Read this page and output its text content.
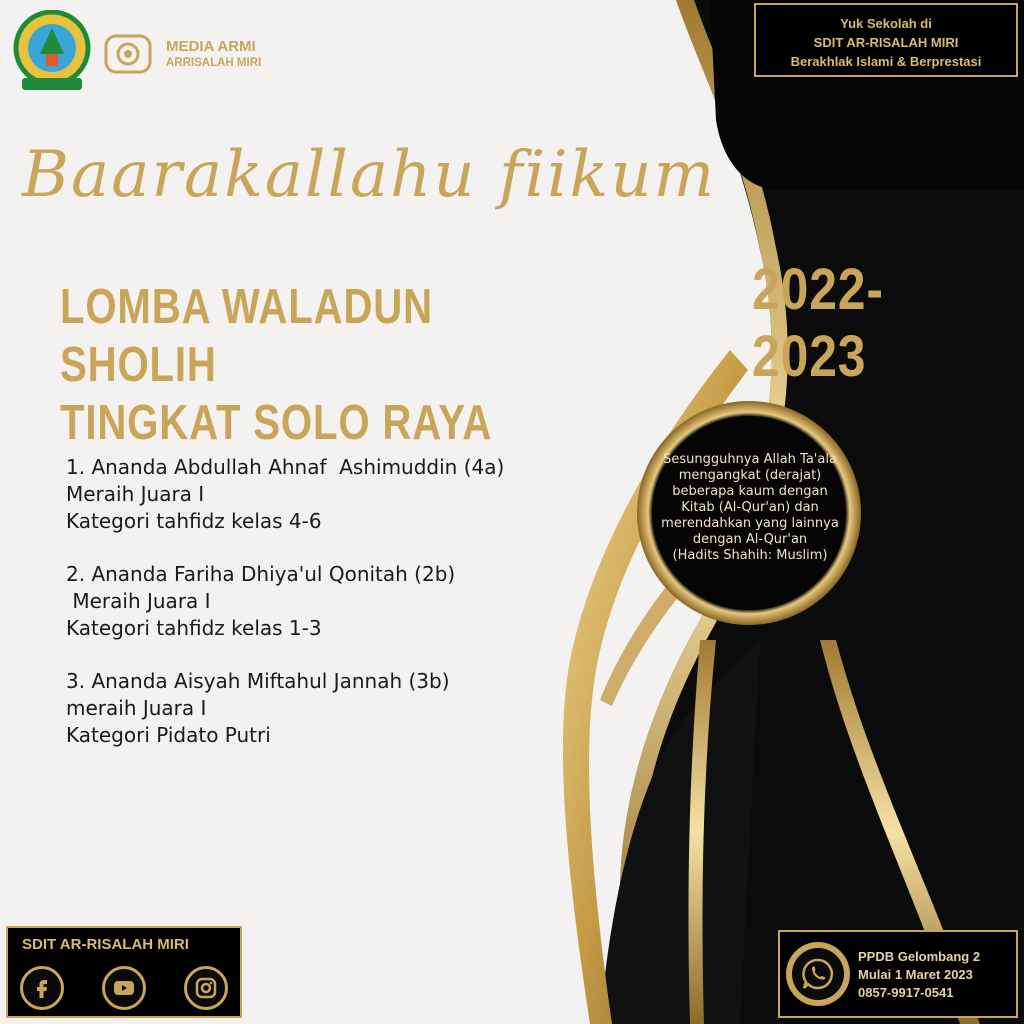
MEDIA ARMI
ARRISALAH MIRI
Yuk Sekolah di
SDIT AR-RISALAH MIRI
Berakhlak Islami & Berprestasi
Baarakallahu fiikum
LOMBA WALADUN SHOLIH
TINGKAT SOLO RAYA
2022-2023
1. Ananda Abdullah Ahnaf  Ashimuddin (4a)
Meraih Juara I
Kategori tahfidz kelas 4-6
2. Ananda Fariha Dhiya'ul Qonitah (2b)
Meraih Juara I
Kategori tahfidz kelas 1-3
3. Ananda Aisyah Miftahul Jannah (3b)
meraih Juara I
Kategori Pidato Putri
Sesungguhnya Allah Ta'ala
mengangkat (derajat)
beberapa kaum dengan
Kitab (Al-Qur'an) dan
merendahkan yang lainnya
dengan Al-Qur'an
(Hadits Shahih: Muslim)
SDIT AR-RISALAH MIRI
PPDB Gelombang 2
Mulai 1 Maret 2023
0857-9917-0541
